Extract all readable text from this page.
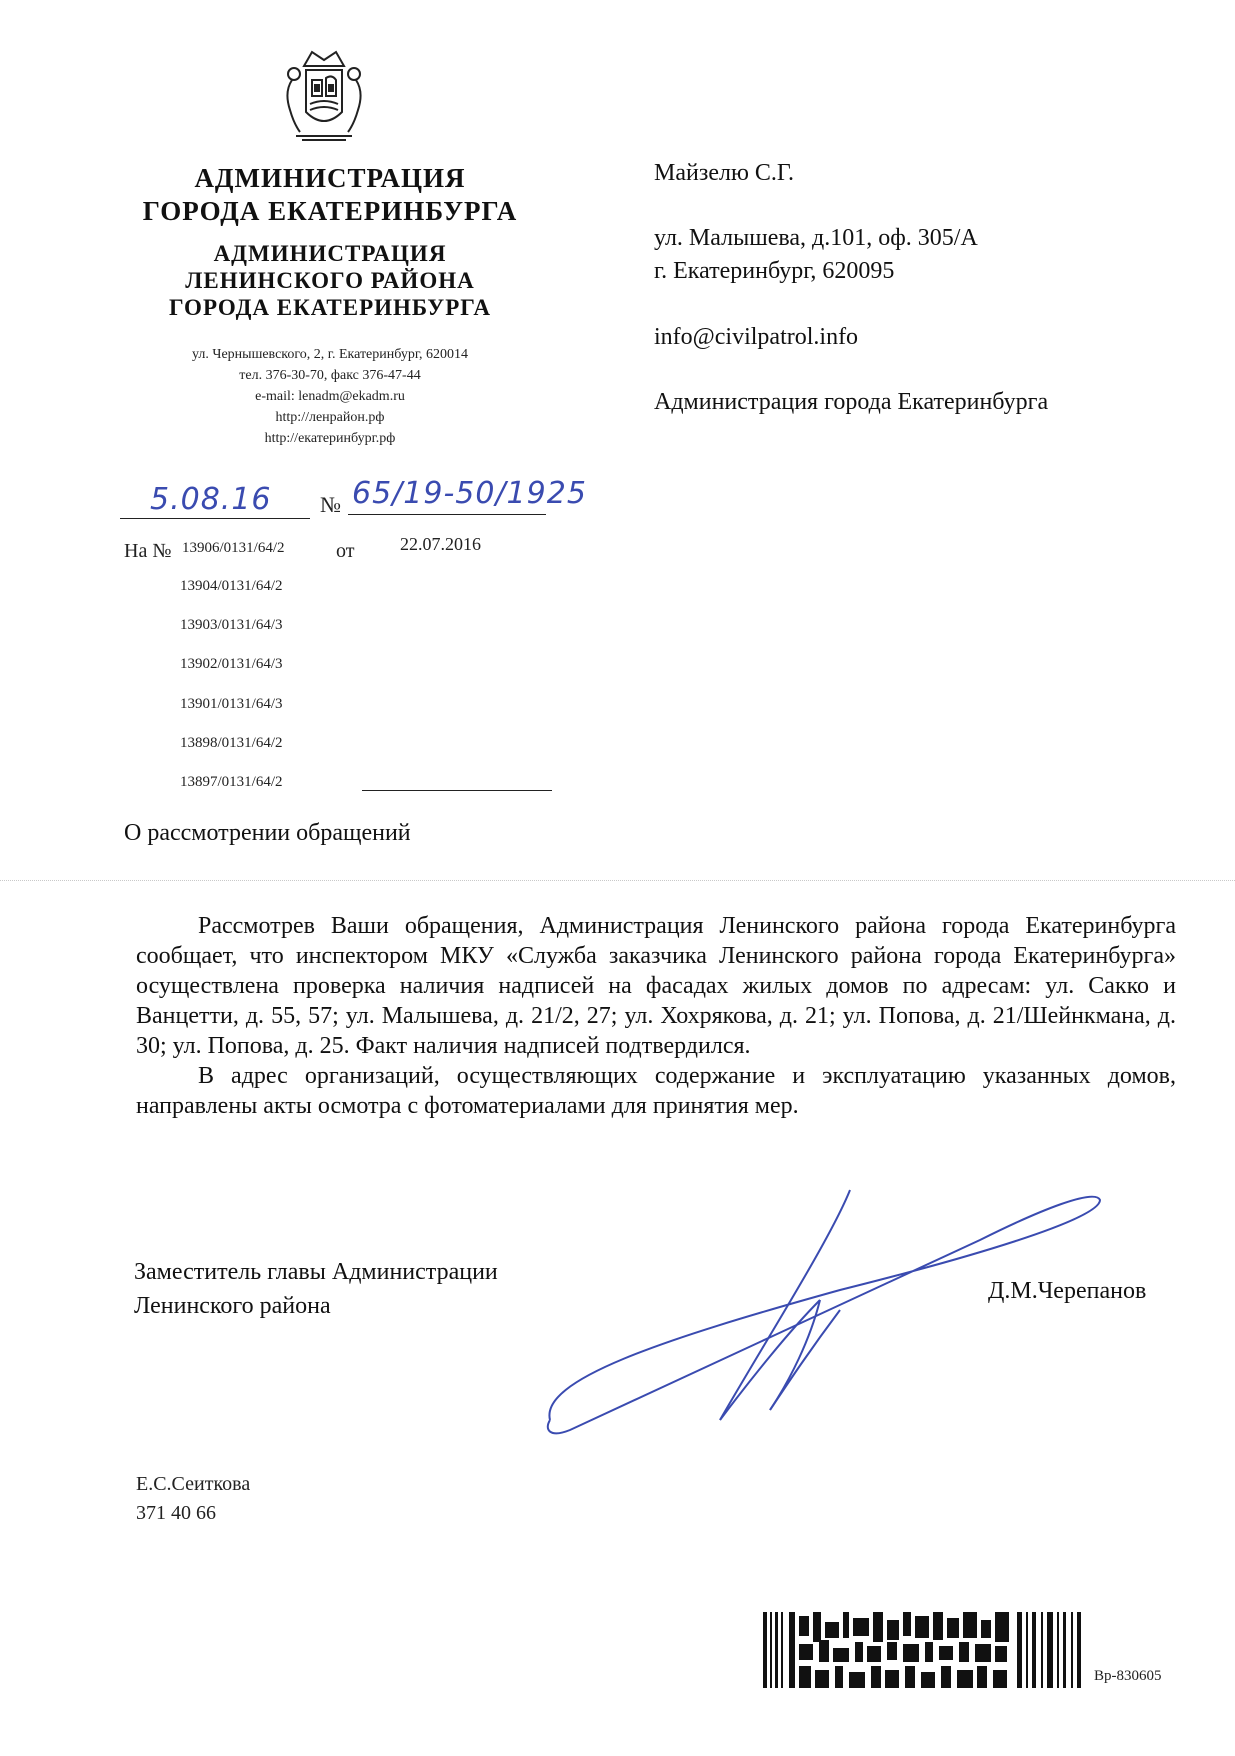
АДМИНИСТРАЦИЯ
ГОРОДА ЕКАТЕРИНБУРГА
АДМИНИСТРАЦИЯ
ЛЕНИНСКОГО РАЙОНА
ГОРОДА ЕКАТЕРИНБУРГА
ул. Чернышевского, 2, г. Екатеринбург, 620014
тел. 376-30-70, факс 376-47-44
e-mail: lenadm@ekadm.ru
http://ленрайон.рф
http://екатеринбург.рф
5.08.16 № 65/19-50/1925
На №	от	22.07.2016
13906/0131/64/2
13904/0131/64/2
13903/0131/64/3
13902/0131/64/3
13901/0131/64/3
13898/0131/64/2
13897/0131/64/2
Майзелю С.Г.
ул. Малышева, д.101, оф. 305/А
г. Екатеринбург, 620095
info@civilpatrol.info
Администрация города Екатеринбурга
О рассмотрении обращений

Рассмотрев Ваши обращения, Администрация Ленинского района города Екатеринбурга сообщает, что инспектором МКУ «Служба заказчика Ленинского района города Екатеринбурга» осуществлена проверка наличия надписей на фасадах жилых домов по адресам: ул. Сакко и Ванцетти, д. 55, 57; ул. Малышева, д. 21/2, 27; ул. Хохрякова, д. 21; ул. Попова, д. 21/Шейнкмана, д. 30; ул. Попова, д. 25. Факт наличия надписей подтвердился.

В адрес организаций, осуществляющих содержание и эксплуатацию указанных домов, направлены акты осмотра с фотоматериалами для принятия мер.

Заместитель главы Администрации
Ленинского района
Д.М.Черепанов
Е.С.Сеиткова
371 40 66
Вр-830605
